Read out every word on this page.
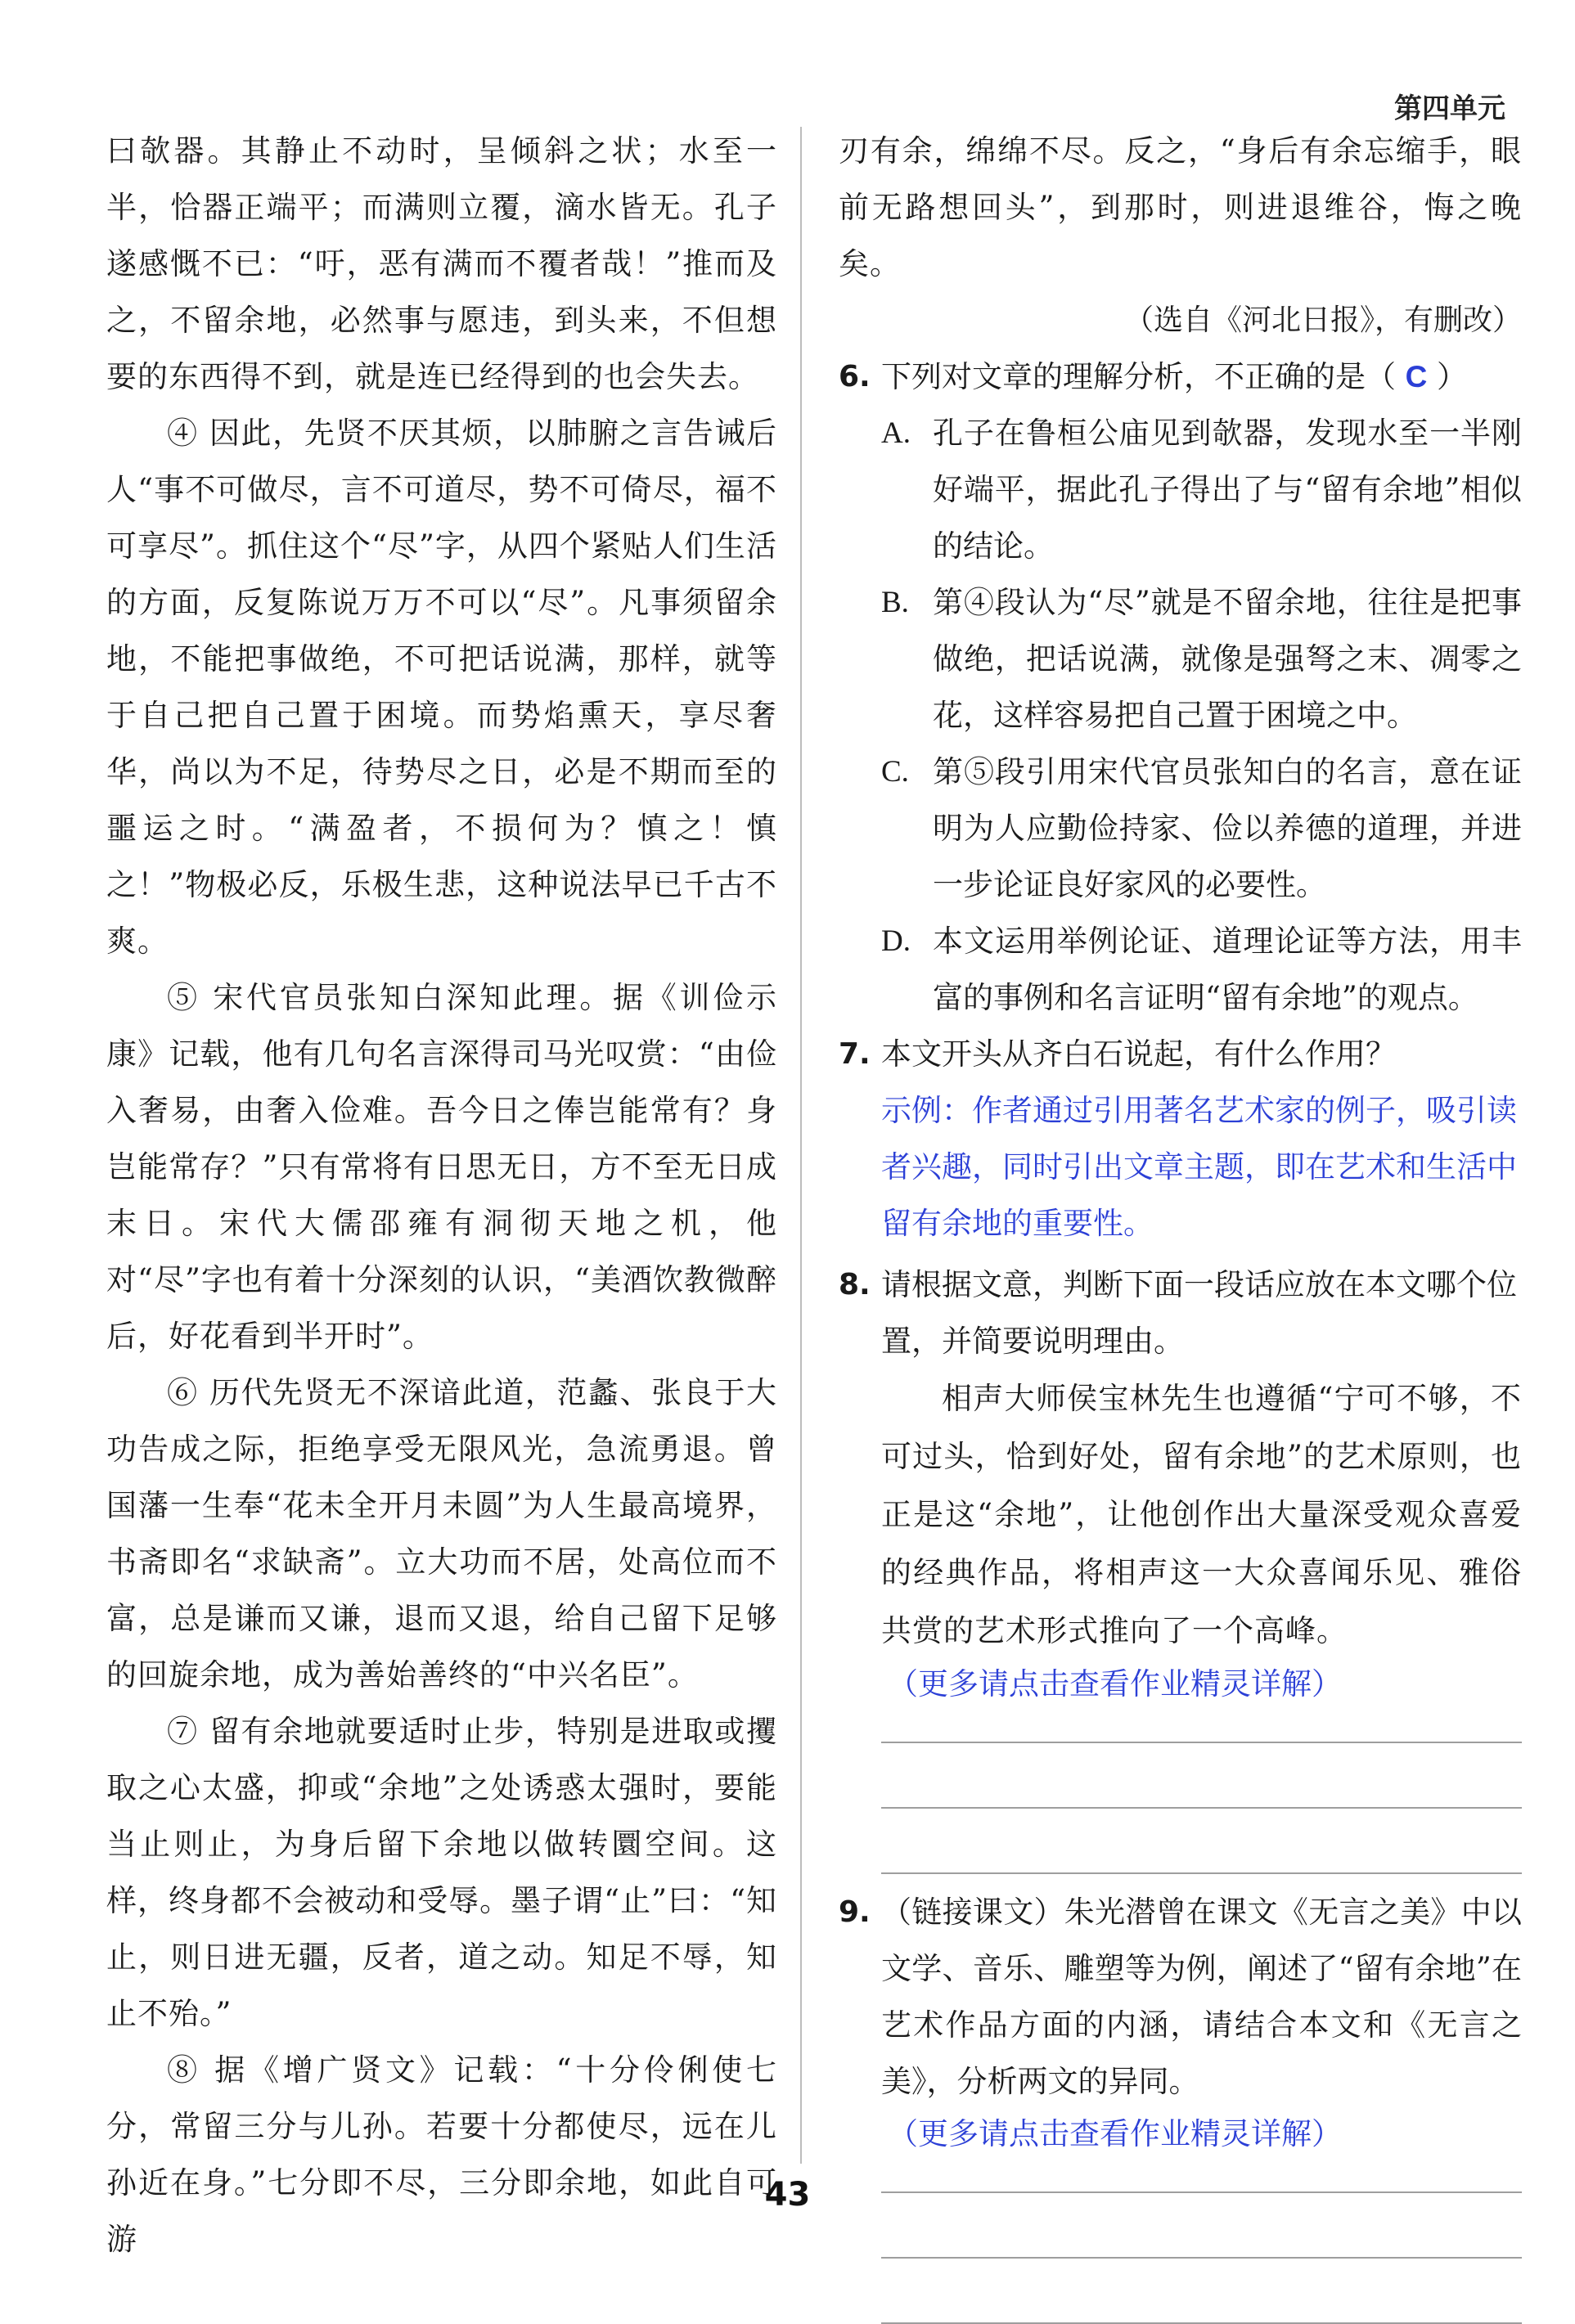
第四单元

曰欹器。其静止不动时，呈倾斜之状；水至一半，恰器正端平；而满则立覆，滴水皆无。孔子遂感慨不已：“吁，恶有满而不覆者哉！”推而及之，不留余地，必然事与愿违，到头来，不但想要的东西得不到，就是连已经得到的也会失去。

④ 因此，先贤不厌其烦，以肺腑之言告诫后人“事不可做尽，言不可道尽，势不可倚尽，福不可享尽”。抓住这个“尽”字，从四个紧贴人们生活的方面，反复陈说万万不可以“尽”。凡事须留余地，不能把事做绝，不可把话说满，那样，就等于自己把自己置于困境。而势焰熏天，享尽奢华，尚以为不足，待势尽之日，必是不期而至的噩运之时。“满盈者，不损何为？慎之！慎之！”物极必反，乐极生悲，这种说法早已千古不爽。

⑤ 宋代官员张知白深知此理。据《训俭示康》记载，他有几句名言深得司马光叹赏：“由俭入奢易，由奢入俭难。吾今日之俸岂能常有？身岂能常存？”只有常将有日思无日，方不至无日成末日。宋代大儒邵雍有洞彻天地之机，他对“尽”字也有着十分深刻的认识，“美酒饮教微醉后，好花看到半开时”。

⑥ 历代先贤无不深谙此道，范蠡、张良于大功告成之际，拒绝享受无限风光，急流勇退。曾国藩一生奉“花未全开月未圆”为人生最高境界，书斋即名“求缺斋”。立大功而不居，处高位而不富，总是谦而又谦，退而又退，给自己留下足够的回旋余地，成为善始善终的“中兴名臣”。

⑦ 留有余地就要适时止步，特别是进取或攫取之心太盛，抑或“余地”之处诱惑太强时，要能当止则止，为身后留下余地以做转圜空间。这样，终身都不会被动和受辱。墨子谓“止”曰：“知止，则日进无疆，反者，道之动。知足不辱，知止不殆。”

⑧ 据《增广贤文》记载：“十分伶俐使七分，常留三分与儿孙。若要十分都使尽，远在儿孙近在身。”七分即不尽，三分即余地，如此自可游

刃有余，绵绵不尽。反之，“身后有余忘缩手，眼前无路想回头”，到那时，则进退维谷，悔之晚矣。

（选自《河北日报》，有删改）

6. 下列对文章的理解分析，不正确的是（ C ）

A. 孔子在鲁桓公庙见到欹器，发现水至一半刚好端平，据此孔子得出了与“留有余地”相似的结论。

B. 第④段认为“尽”就是不留余地，往往是把事做绝，把话说满，就像是强弩之末、凋零之花，这样容易把自己置于困境之中。

C. 第⑤段引用宋代官员张知白的名言，意在证明为人应勤俭持家、俭以养德的道理，并进一步论证良好家风的必要性。

D. 本文运用举例论证、道理论证等方法，用丰富的事例和名言证明“留有余地”的观点。

7. 本文开头从齐白石说起，有什么作用？

示例：作者通过引用著名艺术家的例子，吸引读者兴趣，同时引出文章主题，即在艺术和生活中留有余地的重要性。

8. 请根据文意，判断下面一段话应放在本文哪个位置，并简要说明理由。

相声大师侯宝林先生也遵循“宁可不够，不可过头，恰到好处，留有余地”的艺术原则，也正是这“余地”，让他创作出大量深受观众喜爱的经典作品，将相声这一大众喜闻乐见、雅俗共赏的艺术形式推向了一个高峰。

（更多请点击查看作业精灵详解）

9. （链接课文）朱光潜曾在课文《无言之美》中以文学、音乐、雕塑等为例，阐述了“留有余地”在艺术作品方面的内涵，请结合本文和《无言之美》，分析两文的异同。

（更多请点击查看作业精灵详解）

43
